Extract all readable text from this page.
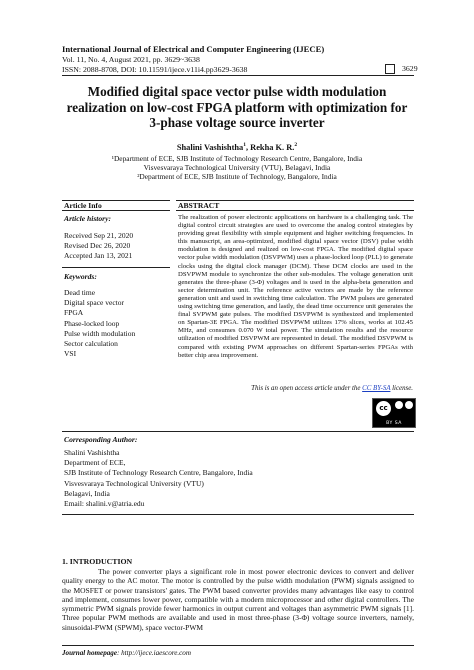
International Journal of Electrical and Computer Engineering (IJECE)
Vol. 11, No. 4, August 2021, pp. 3629~3638
ISSN: 2088-8708, DOI: 10.11591/ijece.v11i4.pp3629-3638	3629
Modified digital space vector pulse width modulation
realization on low-cost FPGA platform with optimization for
3-phase voltage source inverter
Shalini Vashishtha$^1$, Rekha K. R.$^2$
¹Department of ECE, SJB Institute of Technology Research Centre, Bangalore, India
Visvesvaraya Technological University (VTU), Belagavi, India
²Department of ECE, SJB Institute of Technology, Bangalore, India
Article Info	ABSTRACT
Article history:
Received Sep 21, 2020
Revised Dec 26, 2020
Accepted Jan 13, 2021
Keywords:
Dead time
Digital space vector
FPGA
Phase-locked loop
Pulse width modulation
Sector calculation
VSI
The realization of power electronic applications on hardware is a challenging task. The digital control circuit strategies are used to overcome the analog control strategies by providing great flexibility with simple equipment and higher switching frequencies. In this manuscript, an area-optimized, modified digital space vector (DSV) pulse width modulation is designed and realized on low-cost FPGA. The modified digital space vector pulse width modulation (DSVPWM) uses a phase-locked loop (PLL) to generate clocks using the digital clock manager (DCM). These DCM clocks are used in the DSVPWM module to synchronize the other sub-modules. The voltage generation unit generates the three-phase (3-Φ) voltages and is used in the alpha-beta generation and sector determination unit. The reference active vectors are made by the reference generation unit and used in switching time calculation. The PWM pulses are generated using switching time generation, and lastly, the dead time occurrence unit generates the final SVPWM gate pulses. The modified DSVPWM is synthesized and implemented on Spartan-3E FPGA. The modified DSVPWM utilizes 17% slices, works at 102.45 MHz, and consumes 0.070 W total power. The simulation results and the resource utilization of modified DSVPWM are represented in detail. The modified DSVPWM is compared with existing PWM approaches on different Spartan-series FPGAs with better chip area improvement.
This is an open access article under the CC BY-SA license.
cc
BY SA
Corresponding Author:
Shalini Vashishtha
Department of ECE,
SJB Institute of Technology Research Centre, Bangalore, India
Visvesvaraya Technological University (VTU)
Belagavi, India
Email: shalini.v@atria.edu
1. INTRODUCTION
The power converter plays a significant role in most power electronic devices to convert and deliver quality energy to the AC motor. The motor is controlled by the pulse width modulation (PWM) signals assigned to the MOSFET or power transistors' gates. The PWM based converter provides many advantages like easy to control and implement, consumes lower power, compatible with a modern microprocessor and other digital controllers. The symmetric PWM signals provide fewer harmonics in output current and voltages than asymmetric PWM signals [1]. Three popular PWM methods are available and used in most three-phase (3-Φ) voltage source inverters, namely, sinusoidal-PWM (SPWM), space vector-PWM
Journal homepage: http://ijece.iaescore.com
